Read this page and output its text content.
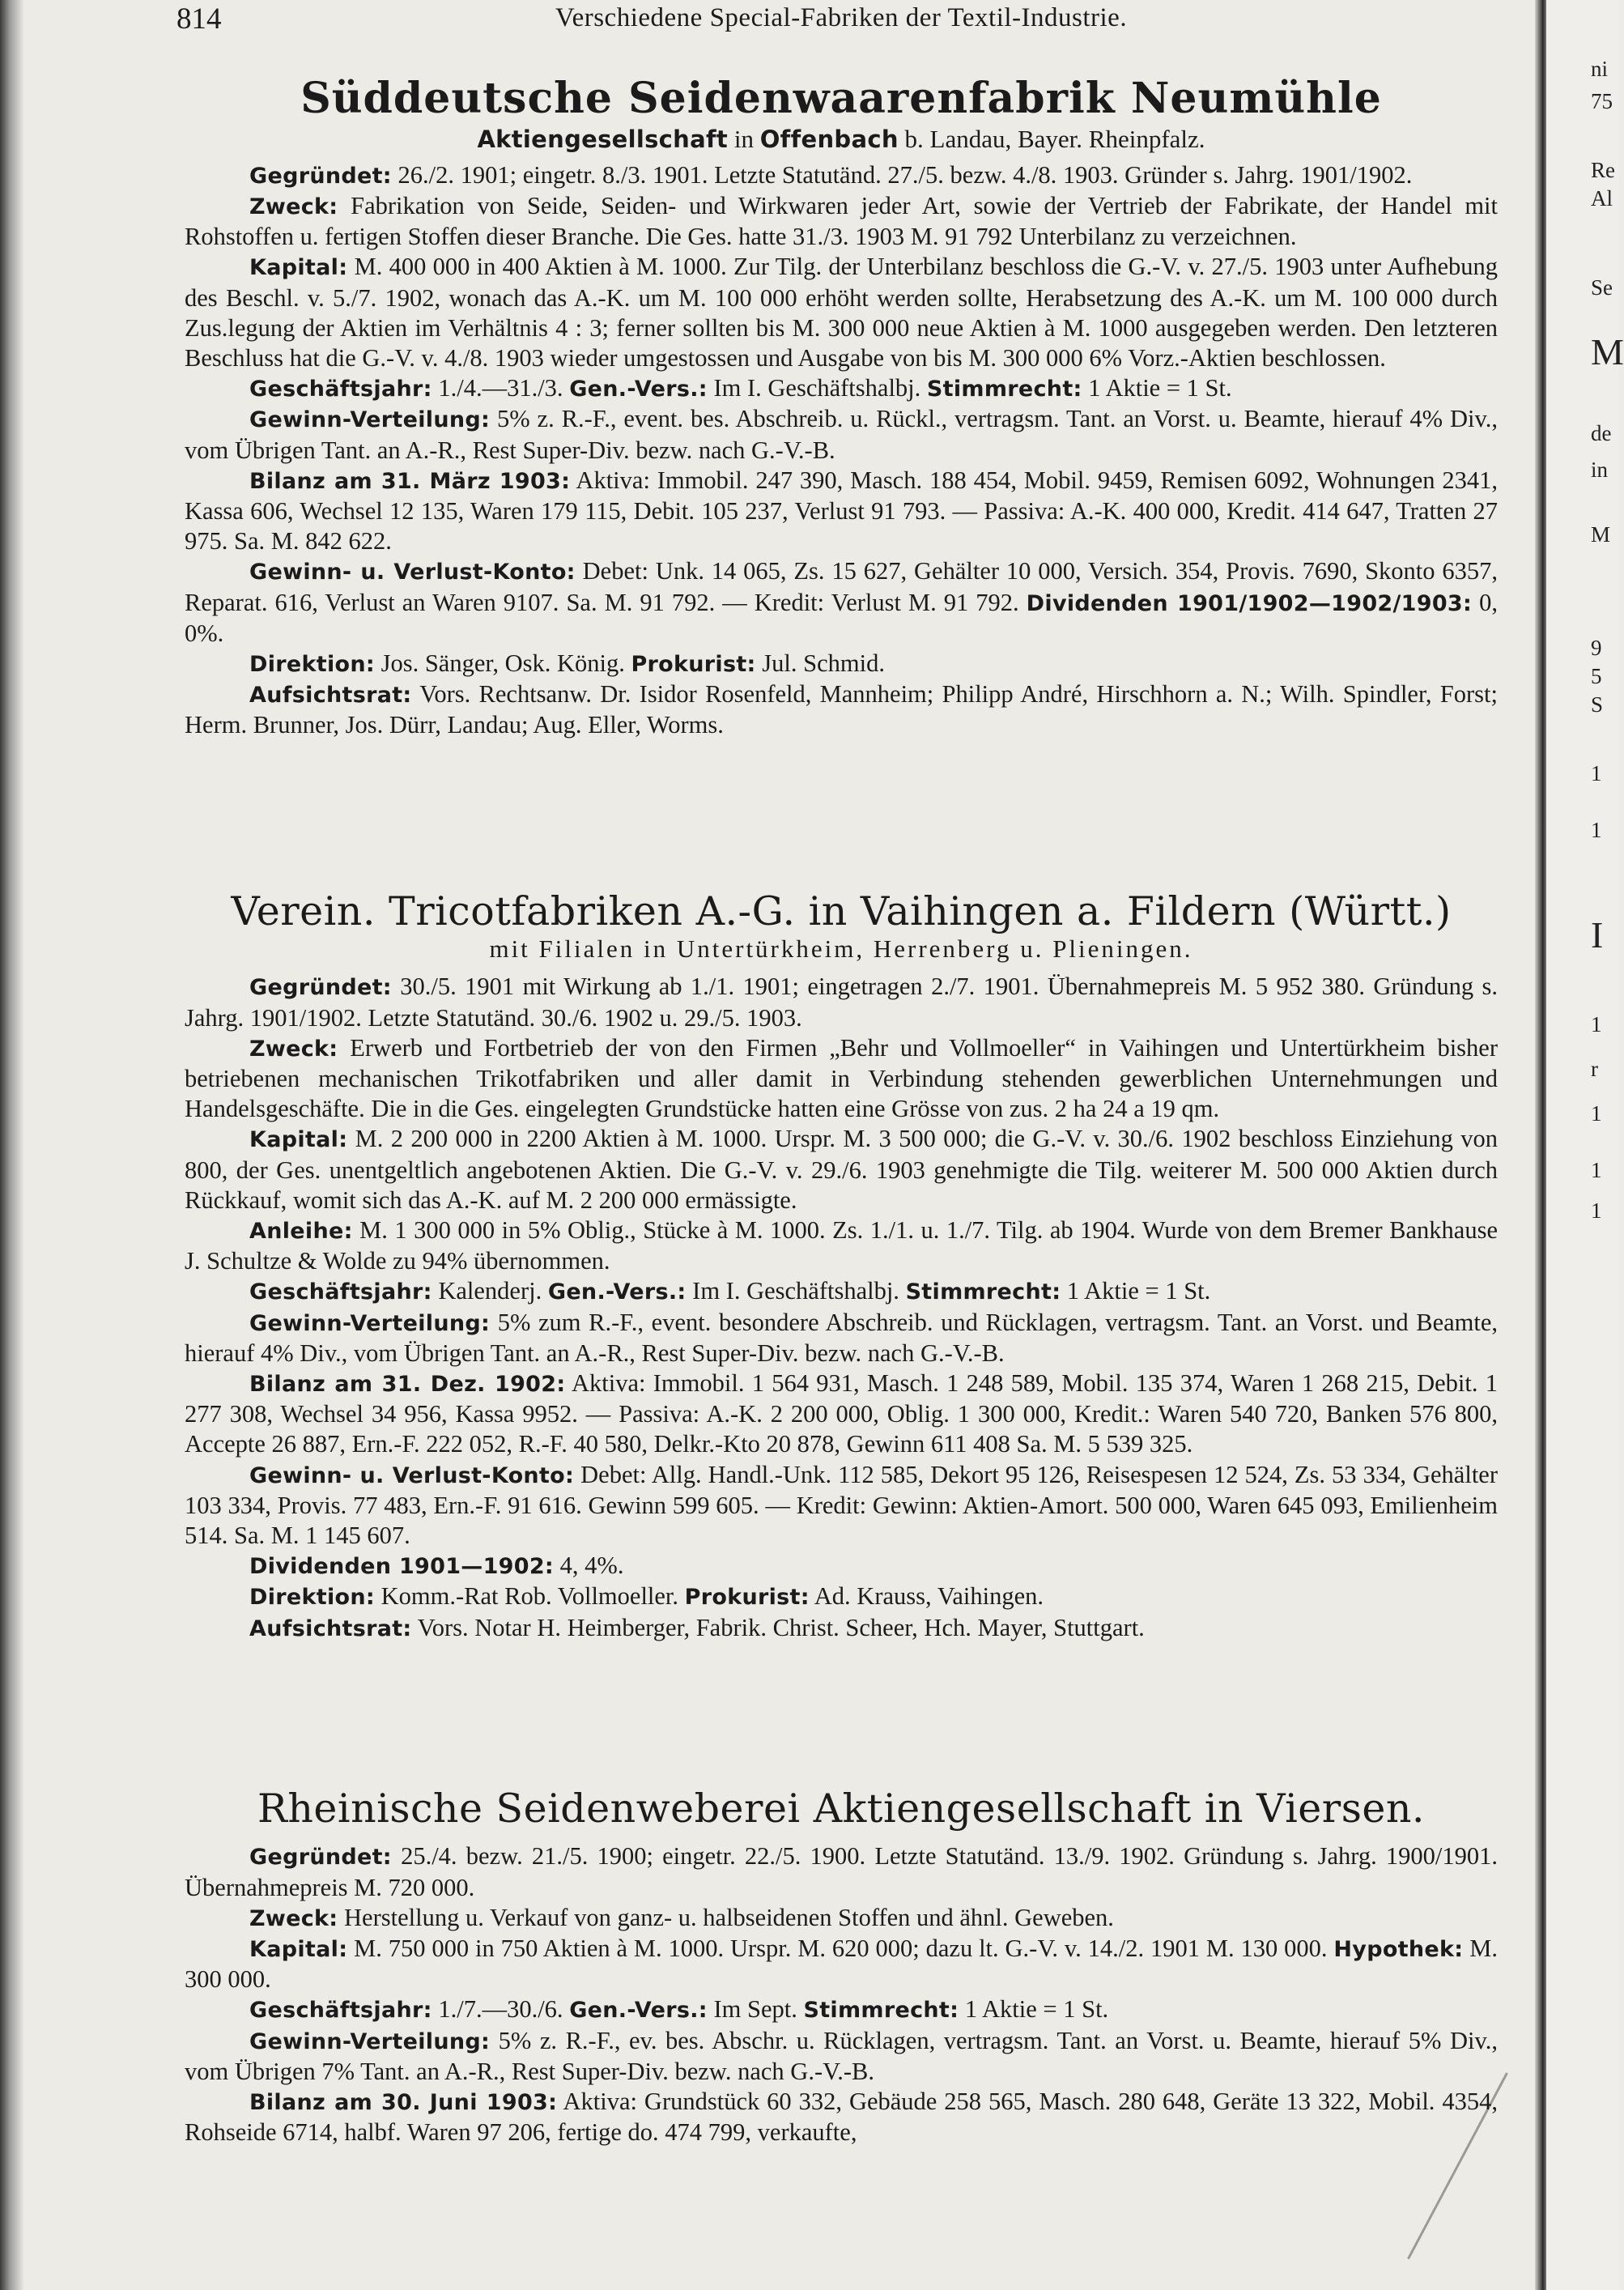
ni
75
Re
Al
Se
M
de
in
M
9
5
S
1
1
I
1
r
1
1
1
814	Verschiedene Special-Fabriken der Textil-Industrie.
Süddeutsche Seidenwaarenfabrik Neumühle

Aktiengesellschaft in Offenbach b. Landau, Bayer. Rheinpfalz.

Gegründet: 26./2. 1901; eingetr. 8./3. 1901. Letzte Statutänd. 27./5. bezw. 4./8. 1903. Gründer s. Jahrg. 1901/1902.

Zweck: Fabrikation von Seide, Seiden- und Wirkwaren jeder Art, sowie der Vertrieb der Fabrikate, der Handel mit Rohstoffen u. fertigen Stoffen dieser Branche. Die Ges. hatte 31./3. 1903 M. 91 792 Unterbilanz zu verzeichnen.

Kapital: M. 400 000 in 400 Aktien à M. 1000. Zur Tilg. der Unterbilanz beschloss die G.-V. v. 27./5. 1903 unter Aufhebung des Beschl. v. 5./7. 1902, wonach das A.-K. um M. 100 000 erhöht werden sollte, Herabsetzung des A.-K. um M. 100 000 durch Zus.legung der Aktien im Verhältnis 4 : 3; ferner sollten bis M. 300 000 neue Aktien à M. 1000 ausgegeben werden. Den letzteren Beschluss hat die G.-V. v. 4./8. 1903 wieder umgestossen und Ausgabe von bis M. 300 000 6% Vorz.-Aktien beschlossen.

Geschäftsjahr: 1./4.—31./3. Gen.-Vers.: Im I. Geschäftshalbj. Stimmrecht: 1 Aktie = 1 St.

Gewinn-Verteilung: 5% z. R.-F., event. bes. Abschreib. u. Rückl., vertragsm. Tant. an Vorst. u. Beamte, hierauf 4% Div., vom Übrigen Tant. an A.-R., Rest Super-Div. bezw. nach G.-V.-B.

Bilanz am 31. März 1903: Aktiva: Immobil. 247 390, Masch. 188 454, Mobil. 9459, Remisen 6092, Wohnungen 2341, Kassa 606, Wechsel 12 135, Waren 179 115, Debit. 105 237, Verlust 91 793. — Passiva: A.-K. 400 000, Kredit. 414 647, Tratten 27 975. Sa. M. 842 622.

Gewinn- u. Verlust-Konto: Debet: Unk. 14 065, Zs. 15 627, Gehälter 10 000, Versich. 354, Provis. 7690, Skonto 6357, Reparat. 616, Verlust an Waren 9107. Sa. M. 91 792. — Kredit: Verlust M. 91 792. Dividenden 1901/1902—1902/1903: 0, 0%.

Direktion: Jos. Sänger, Osk. König. Prokurist: Jul. Schmid.

Aufsichtsrat: Vors. Rechtsanw. Dr. Isidor Rosenfeld, Mannheim; Philipp André, Hirschhorn a. N.; Wilh. Spindler, Forst; Herm. Brunner, Jos. Dürr, Landau; Aug. Eller, Worms.

Verein. Tricotfabriken A.-G. in Vaihingen a. Fildern (Württ.)

mit Filialen in Untertürkheim, Herrenberg u. Plieningen.

Gegründet: 30./5. 1901 mit Wirkung ab 1./1. 1901; eingetragen 2./7. 1901. Übernahmepreis M. 5 952 380. Gründung s. Jahrg. 1901/1902. Letzte Statutänd. 30./6. 1902 u. 29./5. 1903.

Zweck: Erwerb und Fortbetrieb der von den Firmen „Behr und Vollmoeller“ in Vaihingen und Untertürkheim bisher betriebenen mechanischen Trikotfabriken und aller damit in Verbindung stehenden gewerblichen Unternehmungen und Handelsgeschäfte. Die in die Ges. eingelegten Grundstücke hatten eine Grösse von zus. 2 ha 24 a 19 qm.

Kapital: M. 2 200 000 in 2200 Aktien à M. 1000. Urspr. M. 3 500 000; die G.-V. v. 30./6. 1902 beschloss Einziehung von 800, der Ges. unentgeltlich angebotenen Aktien. Die G.-V. v. 29./6. 1903 genehmigte die Tilg. weiterer M. 500 000 Aktien durch Rückkauf, womit sich das A.-K. auf M. 2 200 000 ermässigte.

Anleihe: M. 1 300 000 in 5% Oblig., Stücke à M. 1000. Zs. 1./1. u. 1./7. Tilg. ab 1904. Wurde von dem Bremer Bankhause J. Schultze & Wolde zu 94% übernommen.

Geschäftsjahr: Kalenderj. Gen.-Vers.: Im I. Geschäftshalbj. Stimmrecht: 1 Aktie = 1 St.

Gewinn-Verteilung: 5% zum R.-F., event. besondere Abschreib. und Rücklagen, vertragsm. Tant. an Vorst. und Beamte, hierauf 4% Div., vom Übrigen Tant. an A.-R., Rest Super-Div. bezw. nach G.-V.-B.

Bilanz am 31. Dez. 1902: Aktiva: Immobil. 1 564 931, Masch. 1 248 589, Mobil. 135 374, Waren 1 268 215, Debit. 1 277 308, Wechsel 34 956, Kassa 9952. — Passiva: A.-K. 2 200 000, Oblig. 1 300 000, Kredit.: Waren 540 720, Banken 576 800, Accepte 26 887, Ern.-F. 222 052, R.-F. 40 580, Delkr.-Kto 20 878, Gewinn 611 408 Sa. M. 5 539 325.

Gewinn- u. Verlust-Konto: Debet: Allg. Handl.-Unk. 112 585, Dekort 95 126, Reisespesen 12 524, Zs. 53 334, Gehälter 103 334, Provis. 77 483, Ern.-F. 91 616. Gewinn 599 605. — Kredit: Gewinn: Aktien-Amort. 500 000, Waren 645 093, Emilienheim 514. Sa. M. 1 145 607.

Dividenden 1901—1902: 4, 4%.

Direktion: Komm.-Rat Rob. Vollmoeller. Prokurist: Ad. Krauss, Vaihingen.

Aufsichtsrat: Vors. Notar H. Heimberger, Fabrik. Christ. Scheer, Hch. Mayer, Stuttgart.

Rheinische Seidenweberei Aktiengesellschaft in Viersen.

Gegründet: 25./4. bezw. 21./5. 1900; eingetr. 22./5. 1900. Letzte Statutänd. 13./9. 1902. Gründung s. Jahrg. 1900/1901. Übernahmepreis M. 720 000.

Zweck: Herstellung u. Verkauf von ganz- u. halbseidenen Stoffen und ähnl. Geweben.

Kapital: M. 750 000 in 750 Aktien à M. 1000. Urspr. M. 620 000; dazu lt. G.-V. v. 14./2. 1901 M. 130 000. Hypothek: M. 300 000.

Geschäftsjahr: 1./7.—30./6. Gen.-Vers.: Im Sept. Stimmrecht: 1 Aktie = 1 St.

Gewinn-Verteilung: 5% z. R.-F., ev. bes. Abschr. u. Rücklagen, vertragsm. Tant. an Vorst. u. Beamte, hierauf 5% Div., vom Übrigen 7% Tant. an A.-R., Rest Super-Div. bezw. nach G.-V.-B.

Bilanz am 30. Juni 1903: Aktiva: Grundstück 60 332, Gebäude 258 565, Masch. 280 648, Geräte 13 322, Mobil. 4354, Rohseide 6714, halbf. Waren 97 206, fertige do. 474 799, verkaufte,
